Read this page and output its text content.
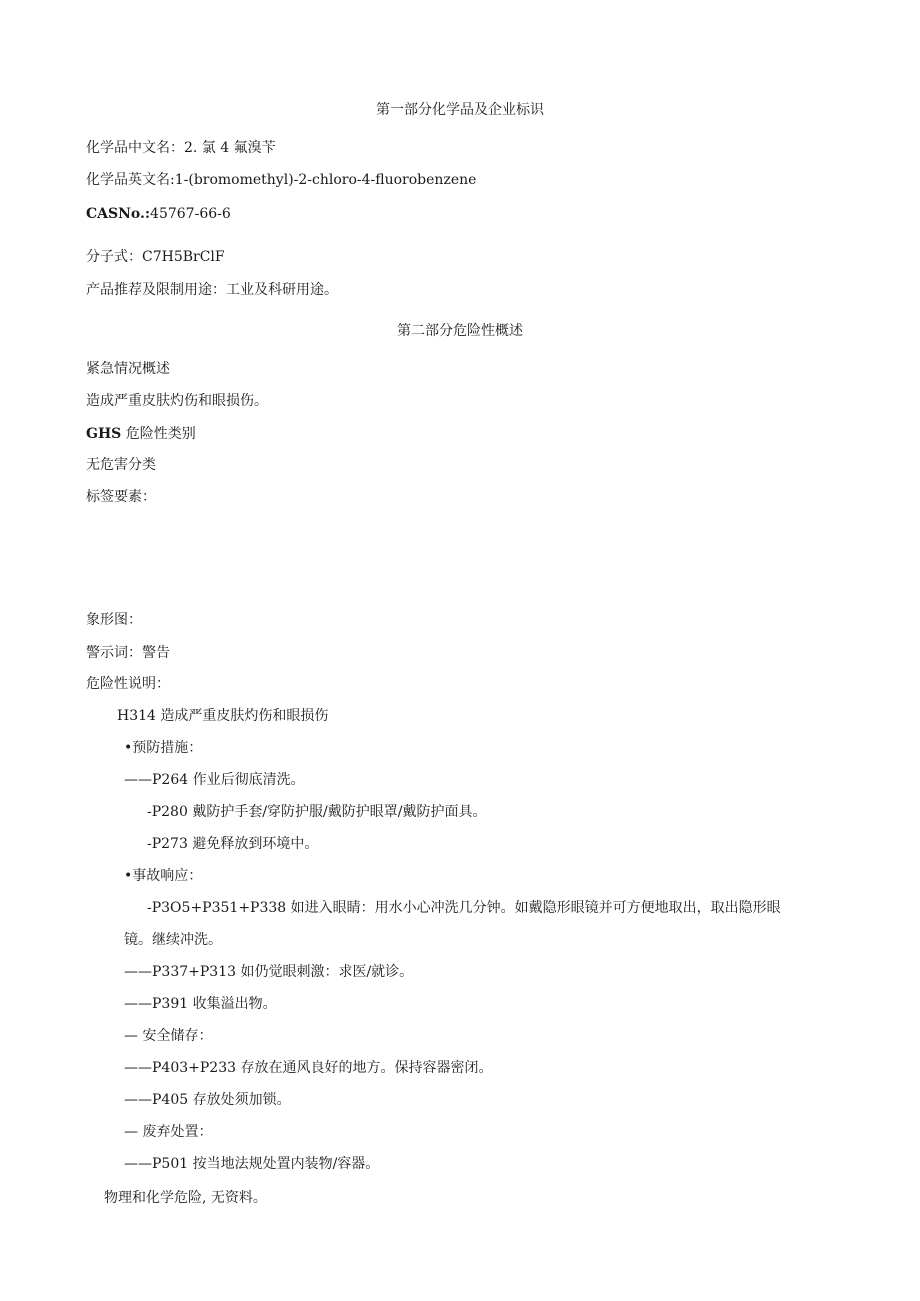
第一部分化学品及企业标识
化学品中文名：2. 氯 4 氟溴苄
化学品英文名:1-(bromomethyl)-2-chloro-4-fluorobenzene
CASNo.:45767-66-6
分子式：C7H5BrClF
产品推荐及限制用途：工业及科研用途。
第二部分危险性概述
紧急情况概述
造成严重皮肤灼伤和眼损伤。
GHS 危险性类别
无危害分类
标签要素：
象形图：
警示词：警告
危险性说明：
H314 造成严重皮肤灼伤和眼损伤
•预防措施：
——P264 作业后彻底清洗。
-P280 戴防护手套/穿防护服/戴防护眼罩/戴防护面具。
-P273 避免释放到环境中。
•事故响应：
-P3O5+P351+P338 如进入眼睛：用水小心冲洗几分钟。如戴隐形眼镜并可方便地取出，取出隐形眼
镜。继续冲洗。
——P337+P313 如仍觉眼刺激：求医/就诊。
——P391 收集溢出物。
— 安全储存：
——P403+P233 存放在通风良好的地方。保持容器密闭。
——P405 存放处须加锁。
— 废弃处置：
——P501 按当地法规处置内装物/容器。
物理和化学危险, 无资料。
